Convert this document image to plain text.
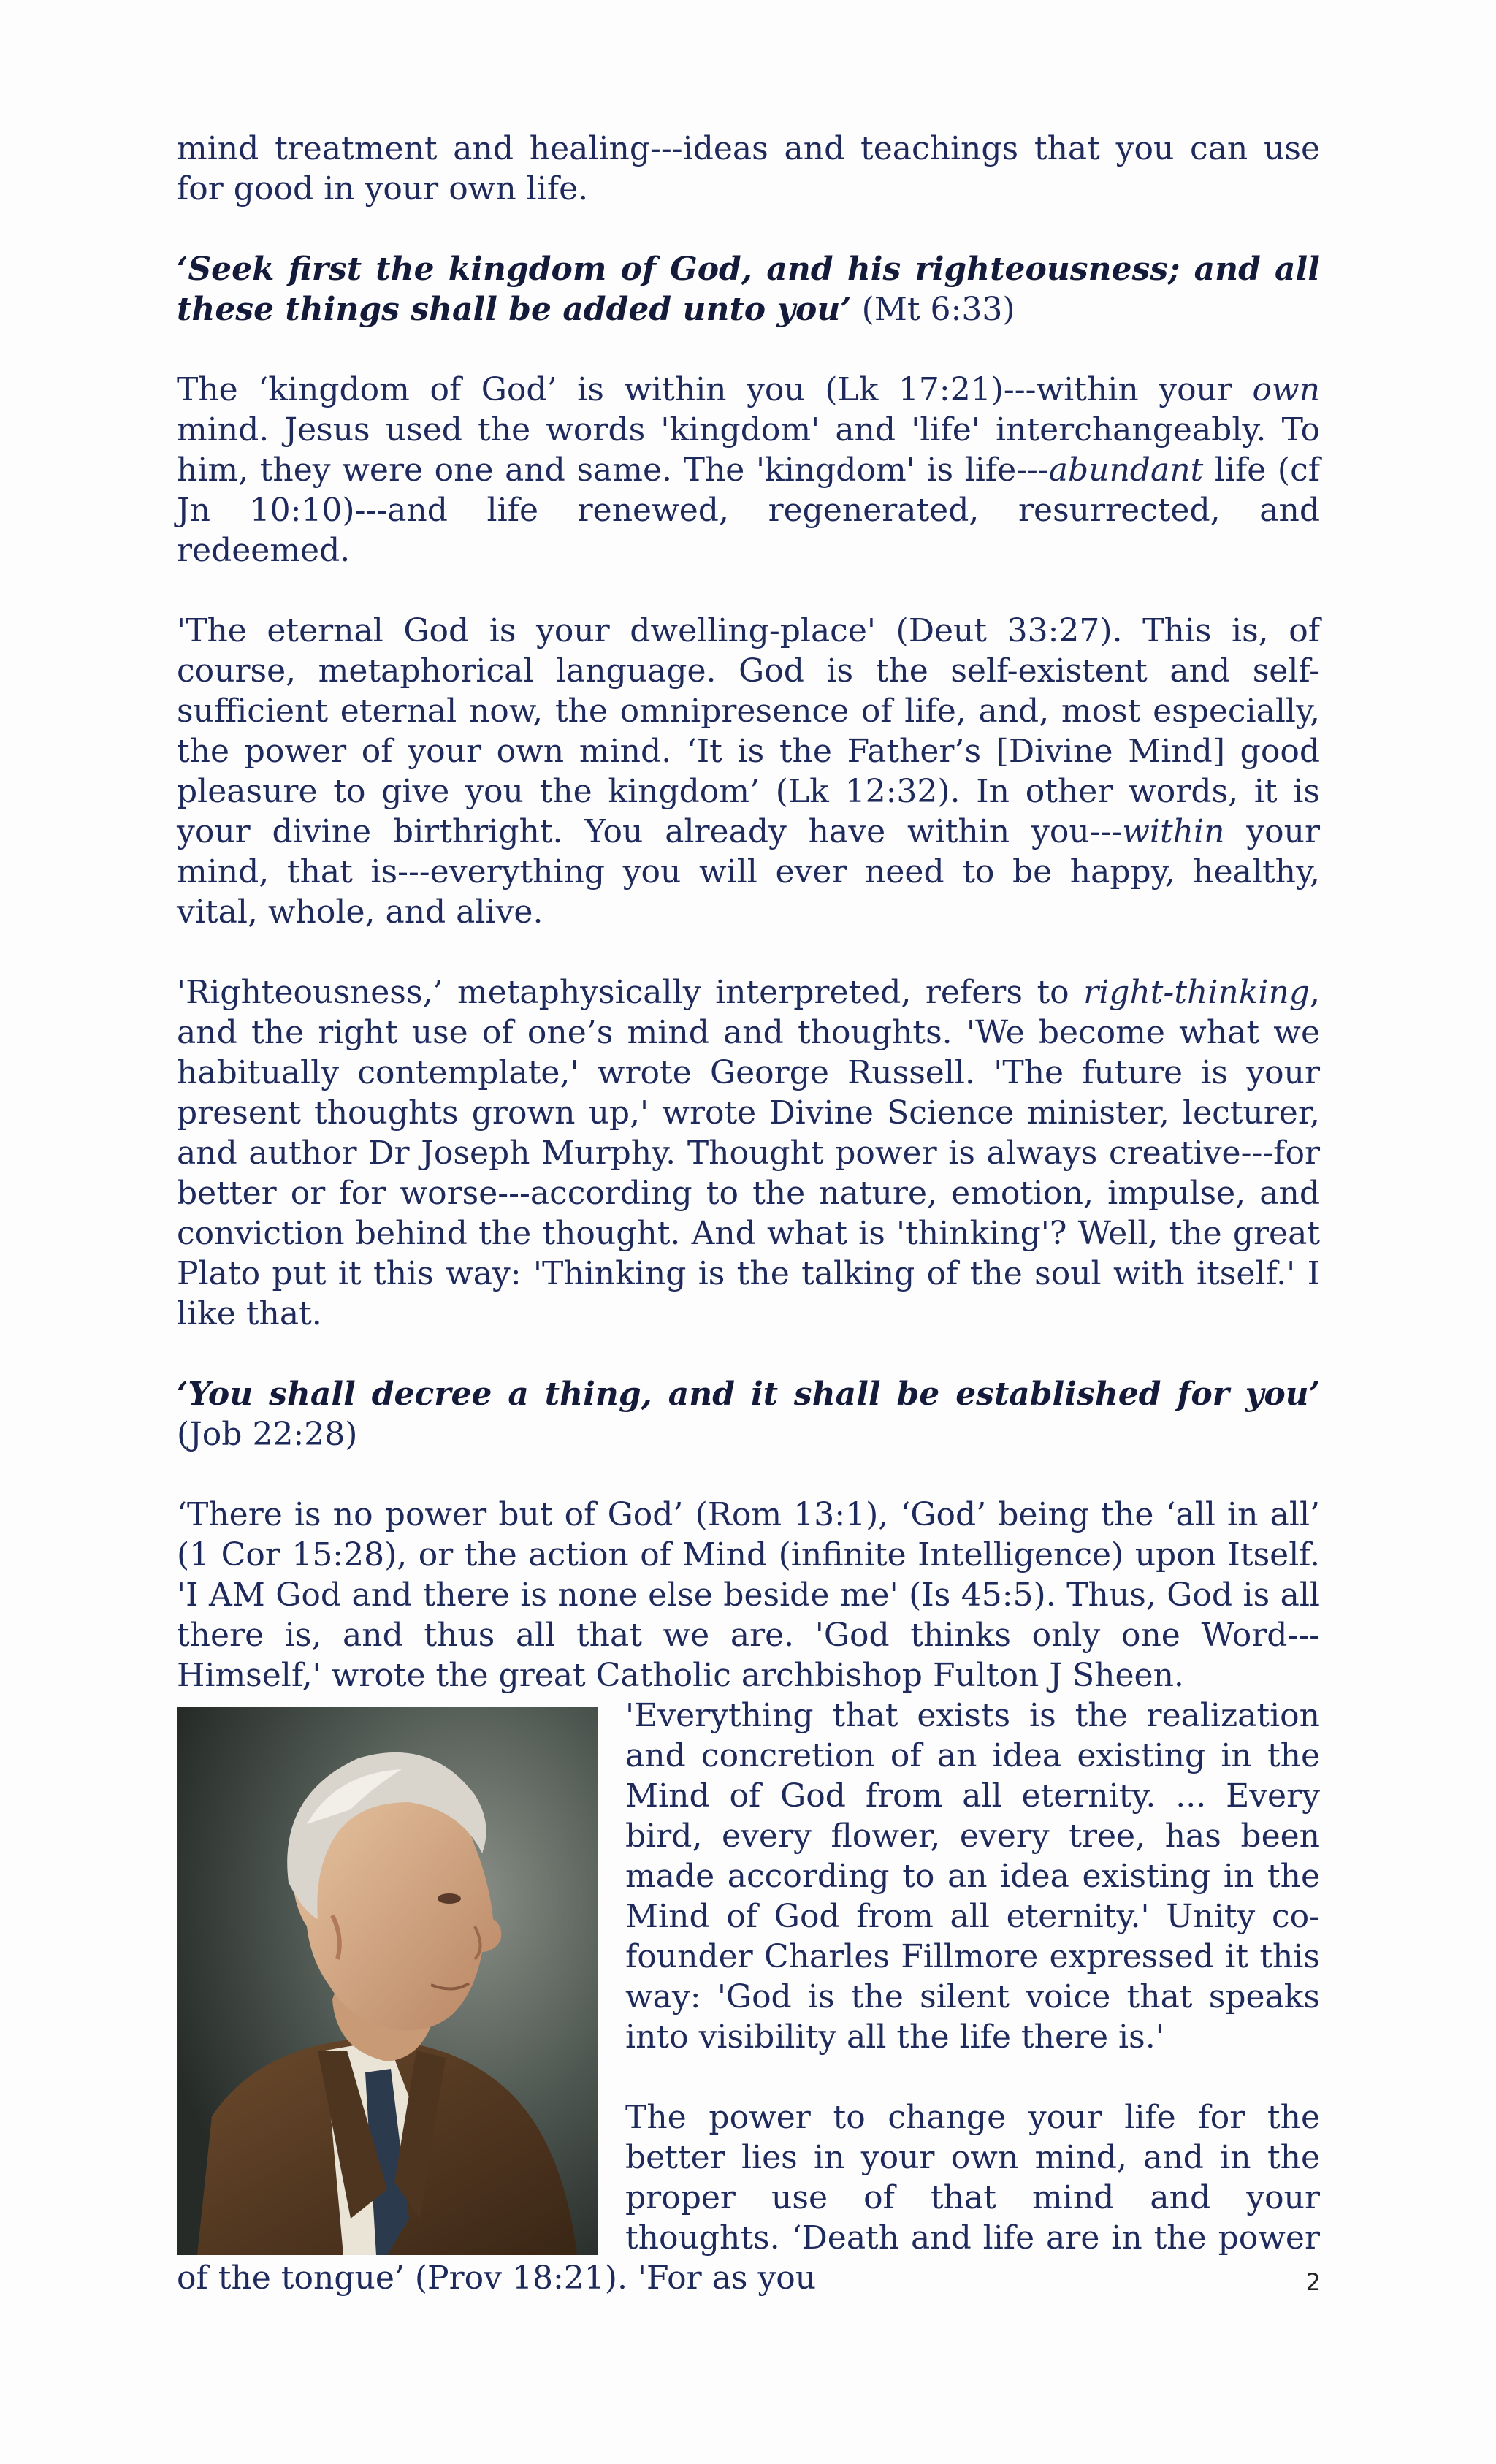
mind treatment and healing---ideas and teachings that you can use for good in your own life.

‘Seek first the kingdom of God, and his righteousness; and all these things shall be added unto you’ (Mt 6:33)

The ‘kingdom of God’ is within you (Lk 17:21)---within your own mind. Jesus used the words 'kingdom' and 'life' interchangeably. To him, they were one and same. The 'kingdom' is life---abundant life (cf Jn 10:10)---and life renewed, regenerated, resurrected, and redeemed.

'The eternal God is your dwelling-place' (Deut 33:27). This is, of course, metaphorical language. God is the self-existent and self-sufficient eternal now, the omnipresence of life, and, most especially, the power of your own mind. ‘It is the Father’s [Divine Mind] good pleasure to give you the kingdom’ (Lk 12:32). In other words, it is your divine birthright. You already have within you---within your mind, that is---everything you will ever need to be happy, healthy, vital, whole, and alive.

'Righteousness,’ metaphysically interpreted, refers to right-thinking, and the right use of one’s mind and thoughts. 'We become what we habitually contemplate,' wrote George Russell. 'The future is your present thoughts grown up,' wrote Divine Science minister, lecturer, and author Dr Joseph Murphy. Thought power is always creative---for better or for worse---according to the nature, emotion, impulse, and conviction behind the thought. And what is 'thinking'? Well, the great Plato put it this way: 'Thinking is the talking of the soul with itself.' I like that.

‘You shall decree a thing, and it shall be established for you’ (Job 22:28)

‘There is no power but of God’ (Rom 13:1), ‘God’ being the ‘all in all’ (1 Cor 15:28), or the action of Mind (infinite Intelligence) upon Itself. 'I AM God and there is none else beside me' (Is 45:5). Thus, God is all there is, and thus all that we are. 'God thinks only one Word---Himself,' wrote the great Catholic archbishop Fulton J Sheen.

'Everything that exists is the realization and concretion of an idea existing in the Mind of God from all eternity. ... Every bird, every flower, every tree, has been made according to an idea existing in the Mind of God from all eternity.' Unity co-founder Charles Fillmore expressed it this way: 'God is the silent voice that speaks into visibility all the life there is.'

The power to change your life for the better lies in your own mind, and in the proper use of that mind and your thoughts. ‘Death and life are in the power of the tongue’ (Prov 18:21). 'For as you	2
